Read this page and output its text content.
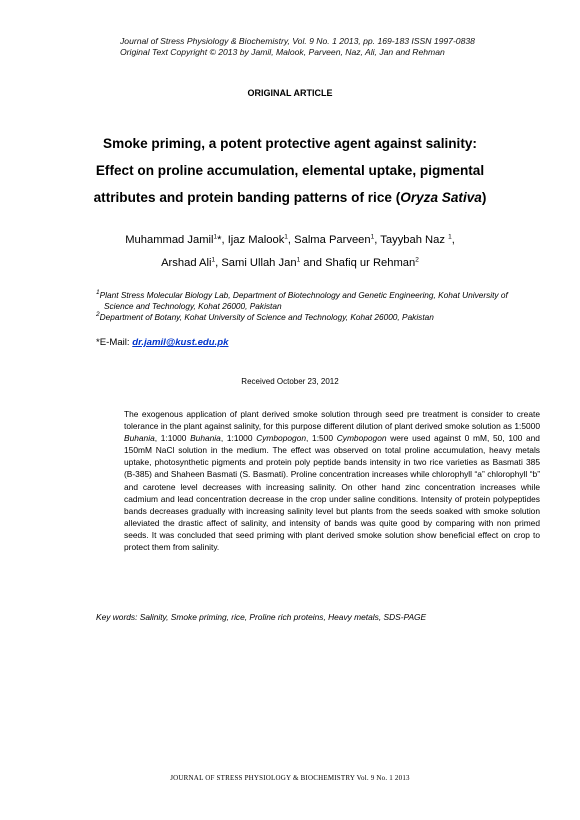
Journal of Stress Physiology & Biochemistry, Vol. 9 No. 1 2013, pp. 169-183 ISSN 1997-0838
Original Text Copyright © 2013 by Jamil, Malook, Parveen, Naz, Ali, Jan and Rehman
ORIGINAL ARTICLE
Smoke priming, a potent protective agent against salinity:
Effect on proline accumulation, elemental uptake, pigmental
attributes and protein banding patterns of rice (Oryza Sativa)
Muhammad Jamil$^1$*, Ijaz Malook$^1$, Salma Parveen$^1$, Tayybah Naz $^1$,
Arshad Ali$^1$, Sami Ullah Jan$^1$ and Shafiq ur Rehman$^2$
$^1$Plant Stress Molecular Biology Lab, Department of Biotechnology and Genetic Engineering, Kohat University of Science and Technology, Kohat 26000, Pakistan
$^2$Department of Botany, Kohat University of Science and Technology, Kohat 26000, Pakistan
*E-Mail: dr.jamil@kust.edu.pk
Received October 23, 2012
The exogenous application of plant derived smoke solution through seed pre treatment is consider to create tolerance in the plant against salinity, for this purpose different dilution of plant derived smoke solution as 1:5000 Buhania, 1:1000 Buhania, 1:1000 Cymbopogon, 1:500 Cymbopogon were used against 0 mM, 50, 100 and 150mM NaCl solution in the medium. The effect was observed on total proline accumulation, heavy metals uptake, photosynthetic pigments and protein poly peptide bands intensity in two rice varieties as Basmati 385 (B-385) and Shaheen Basmati (S. Basmati). Proline concentration increases while chlorophyll “a” chlorophyll “b” and carotene level decreases with increasing salinity. On other hand zinc concentration increases while cadmium and lead concentration decrease in the crop under saline conditions. Intensity of protein polypeptides bands decreases gradually with increasing salinity level but plants from the seeds soaked with smoke solution alleviated the drastic affect of salinity, and intensity of bands was quite good by comparing with non primed seeds. It was concluded that seed priming with plant derived smoke solution show beneficial effect on crop to protect them from salinity.
Key words: Salinity, Smoke priming, rice, Proline rich proteins, Heavy metals, SDS-PAGE
JOURNAL OF STRESS PHYSIOLOGY & BIOCHEMISTRY Vol. 9 No. 1 2013
